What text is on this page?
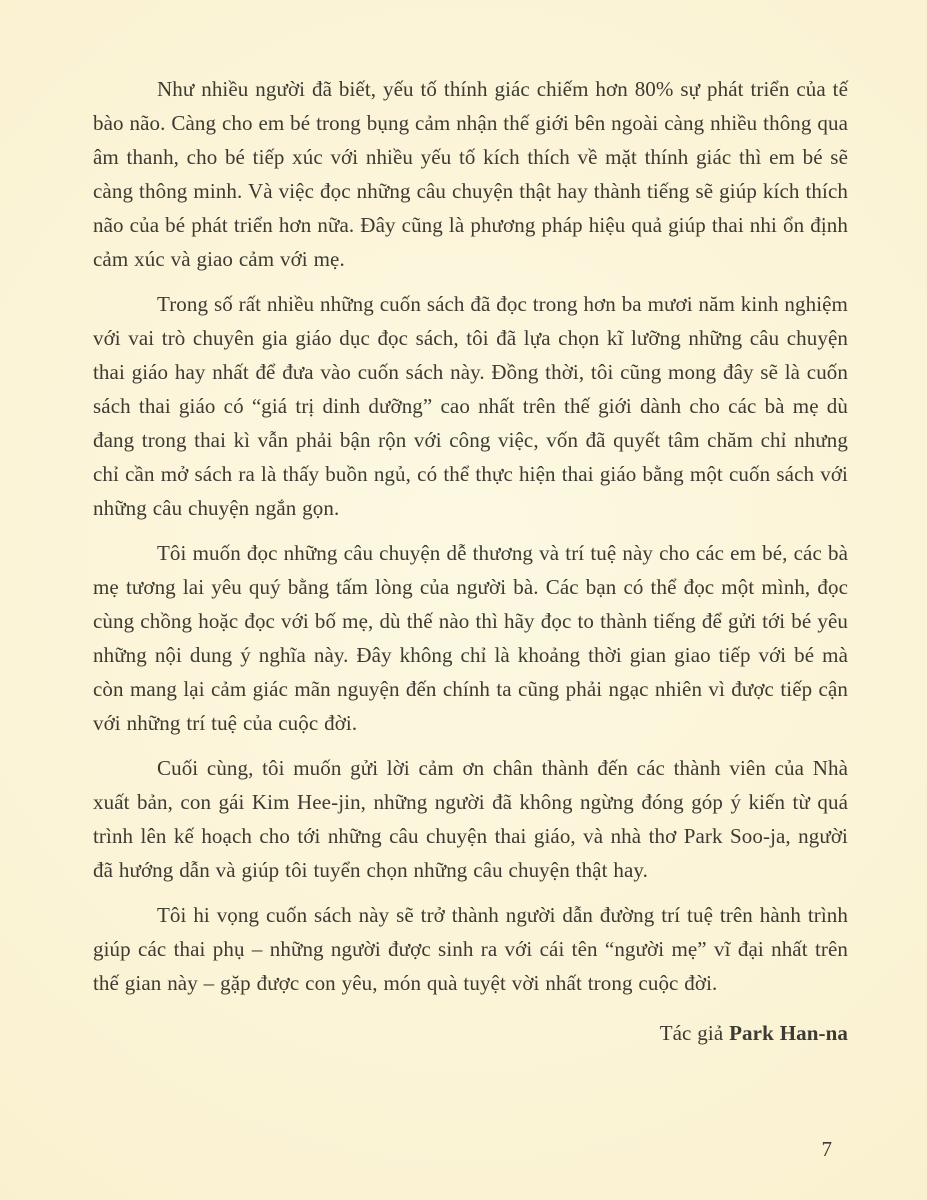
Như nhiều người đã biết, yếu tố thính giác chiếm hơn 80% sự phát triển của tế bào não. Càng cho em bé trong bụng cảm nhận thế giới bên ngoài càng nhiều thông qua âm thanh, cho bé tiếp xúc với nhiều yếu tố kích thích về mặt thính giác thì em bé sẽ càng thông minh. Và việc đọc những câu chuyện thật hay thành tiếng sẽ giúp kích thích não của bé phát triển hơn nữa. Đây cũng là phương pháp hiệu quả giúp thai nhi ổn định cảm xúc và giao cảm với mẹ.

Trong số rất nhiều những cuốn sách đã đọc trong hơn ba mươi năm kinh nghiệm với vai trò chuyên gia giáo dục đọc sách, tôi đã lựa chọn kĩ lưỡng những câu chuyện thai giáo hay nhất để đưa vào cuốn sách này. Đồng thời, tôi cũng mong đây sẽ là cuốn sách thai giáo có “giá trị dinh dưỡng” cao nhất trên thế giới dành cho các bà mẹ dù đang trong thai kì vẫn phải bận rộn với công việc, vốn đã quyết tâm chăm chỉ nhưng chỉ cần mở sách ra là thấy buồn ngủ, có thể thực hiện thai giáo bằng một cuốn sách với những câu chuyện ngắn gọn.

Tôi muốn đọc những câu chuyện dễ thương và trí tuệ này cho các em bé, các bà mẹ tương lai yêu quý bằng tấm lòng của người bà. Các bạn có thể đọc một mình, đọc cùng chồng hoặc đọc với bố mẹ, dù thế nào thì hãy đọc to thành tiếng để gửi tới bé yêu những nội dung ý nghĩa này. Đây không chỉ là khoảng thời gian giao tiếp với bé mà còn mang lại cảm giác mãn nguyện đến chính ta cũng phải ngạc nhiên vì được tiếp cận với những trí tuệ của cuộc đời.

Cuối cùng, tôi muốn gửi lời cảm ơn chân thành đến các thành viên của Nhà xuất bản, con gái Kim Hee-jin, những người đã không ngừng đóng góp ý kiến từ quá trình lên kế hoạch cho tới những câu chuyện thai giáo, và nhà thơ Park Soo-ja, người đã hướng dẫn và giúp tôi tuyển chọn những câu chuyện thật hay.

Tôi hi vọng cuốn sách này sẽ trở thành người dẫn đường trí tuệ trên hành trình giúp các thai phụ – những người được sinh ra với cái tên “người mẹ” vĩ đại nhất trên thế gian này – gặp được con yêu, món quà tuyệt vời nhất trong cuộc đời.

Tác giả Park Han-na

7
